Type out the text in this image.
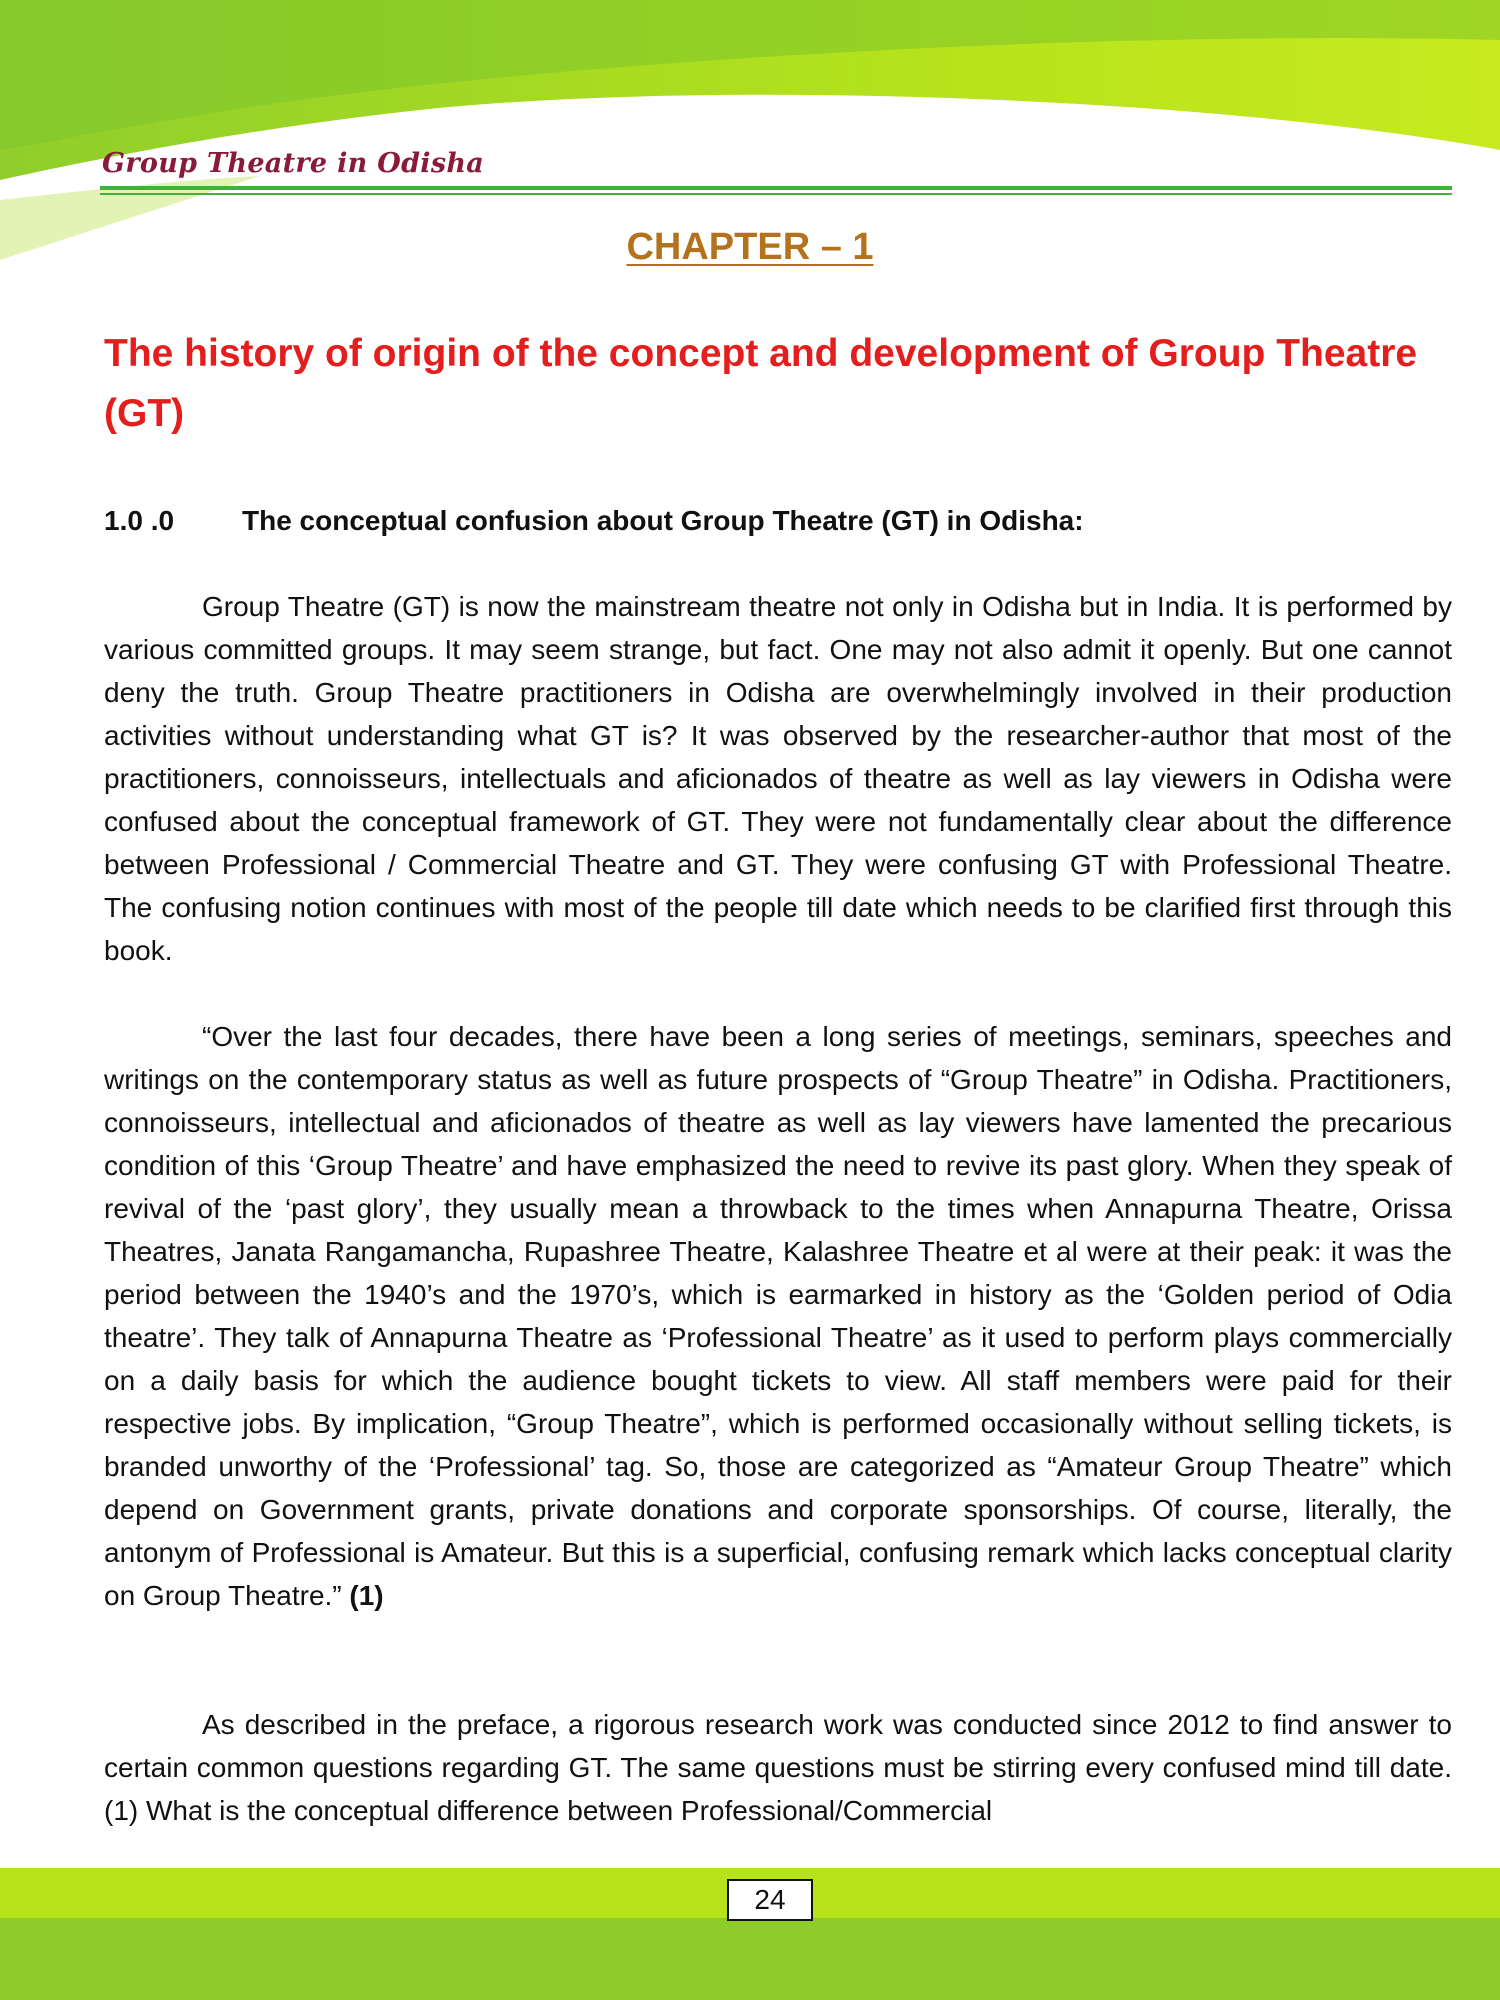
Group Theatre in Odisha
CHAPTER – 1
The history of origin of the concept and development of Group Theatre (GT)
1.0 .0 The conceptual confusion about Group Theatre (GT) in Odisha:

Group Theatre (GT) is now the mainstream theatre not only in Odisha but in India. It is performed by various committed groups. It may seem strange, but fact. One may not also admit it openly. But one cannot deny the truth. Group Theatre practitioners in Odisha are overwhelmingly involved in their production activities without understanding what GT is? It was observed by the researcher-author that most of the practitioners, connoisseurs, intellectuals and aficionados of theatre as well as lay viewers in Odisha were confused about the conceptual framework of GT. They were not fundamentally clear about the difference between Professional / Commercial Theatre and GT. They were confusing GT with Professional Theatre. The confusing notion continues with most of the people till date which needs to be clarified first through this book.

“Over the last four decades, there have been a long series of meetings, seminars, speeches and writings on the contemporary status as well as future prospects of “Group Theatre” in Odisha. Practitioners, connoisseurs, intellectual and aficionados of theatre as well as lay viewers have lamented the precarious condition of this ‘Group Theatre’ and have emphasized the need to revive its past glory. When they speak of revival of the ‘past glory’, they usually mean a throwback to the times when Annapurna Theatre, Orissa Theatres, Janata Rangamancha, Rupashree Theatre, Kalashree Theatre et al were at their peak: it was the period between the 1940’s and the 1970’s, which is earmarked in history as the ‘Golden period of Odia theatre’. They talk of Annapurna Theatre as ‘Professional Theatre’ as it used to perform plays commercially on a daily basis for which the audience bought tickets to view. All staff members were paid for their respective jobs. By implication, “Group Theatre”, which is performed occasionally without selling tickets, is branded unworthy of the ‘Professional’ tag. So, those are categorized as “Amateur Group Theatre” which depend on Government grants, private donations and corporate sponsorships. Of course, literally, the antonym of Professional is Amateur. But this is a superficial, confusing remark which lacks conceptual clarity on Group Theatre.” (1)

As described in the preface, a rigorous research work was conducted since 2012 to find answer to certain common questions regarding GT. The same questions must be stirring every confused mind till date. (1) What is the conceptual difference between Professional/Commercial

24
